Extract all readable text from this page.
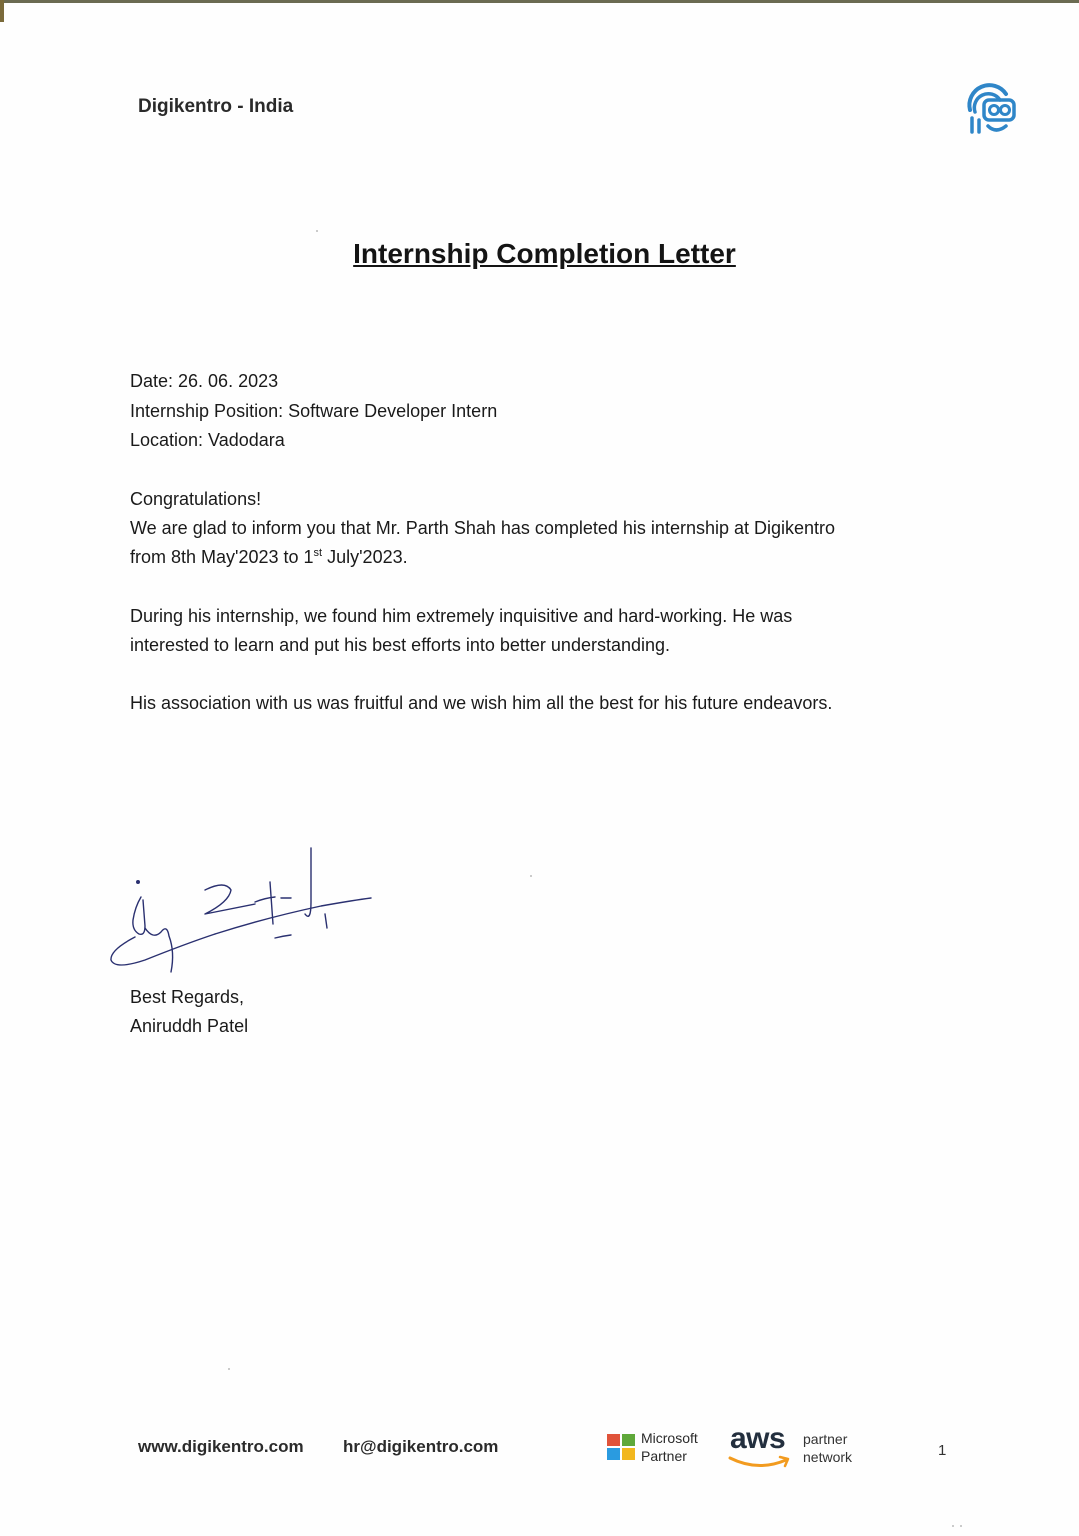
Digikentro - India
Internship Completion Letter
Date: 26. 06. 2023
Internship Position: Software Developer Intern
Location: Vadodara
Congratulations!
We are glad to inform you that Mr. Parth Shah has completed his internship at Digikentro
from 8th May'2023 to 1st July'2023.
During his internship, we found him extremely inquisitive and hard-working. He was
interested to learn and put his best efforts into better understanding.
His association with us was fruitful and we wish him all the best for his future endeavors.
Best Regards,
Aniruddh Patel
www.digikentro.com hr@digikentro.com	Microsoft
Partner
aws partner
network	1
